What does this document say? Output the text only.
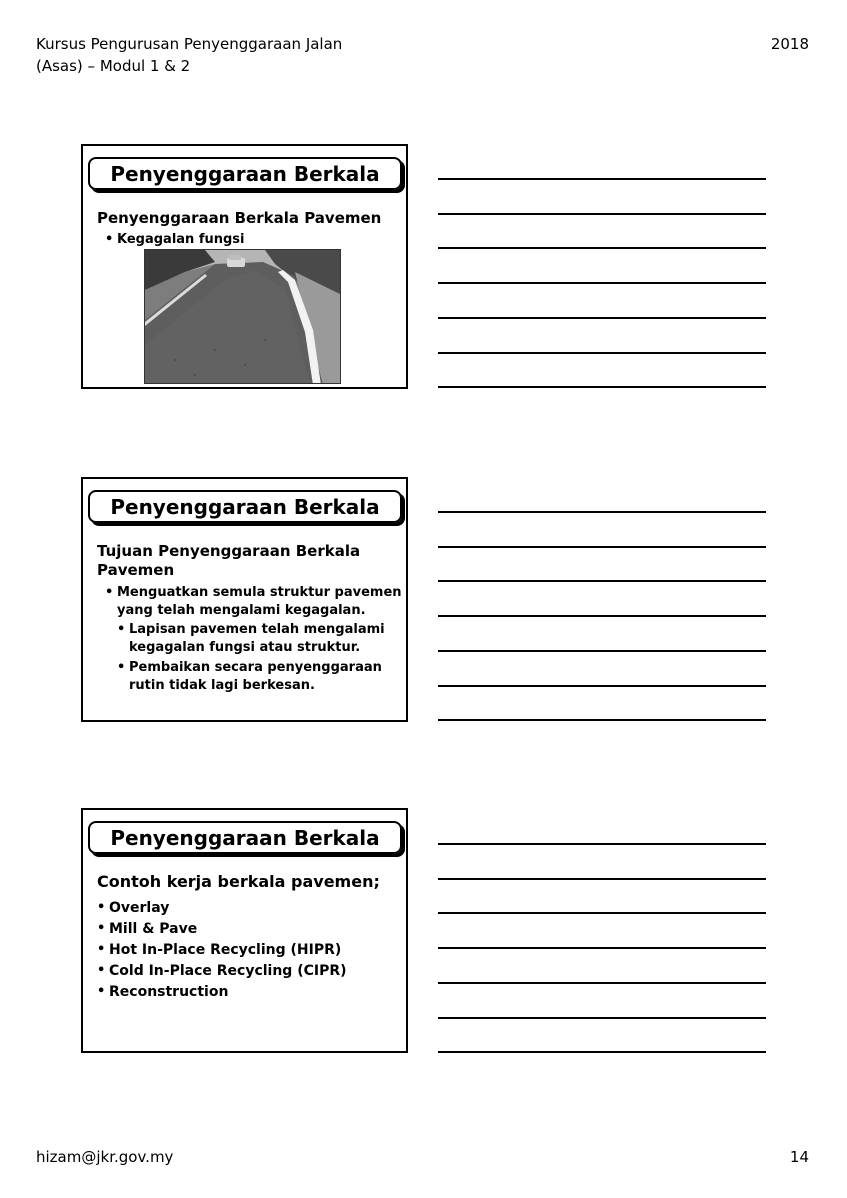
Kursus Pengurusan Penyenggaraan Jalan
(Asas) – Modul 1 & 2
2018
Penyenggaraan Berkala
Penyenggaraan Berkala Pavemen
• Kegagalan fungsi
Penyenggaraan Berkala
Tujuan Penyenggaraan Berkala
Pavemen
• Menguatkan semula struktur pavemen
yang telah mengalami kegagalan.
• Lapisan pavemen telah mengalami
kegagalan fungsi atau struktur.
• Pembaikan secara penyenggaraan
rutin tidak lagi berkesan.
Penyenggaraan Berkala
Contoh kerja berkala pavemen;
• Overlay
• Mill & Pave
• Hot In-Place Recycling (HIPR)
• Cold In-Place Recycling (CIPR)
• Reconstruction
hizam@jkr.gov.my	14
